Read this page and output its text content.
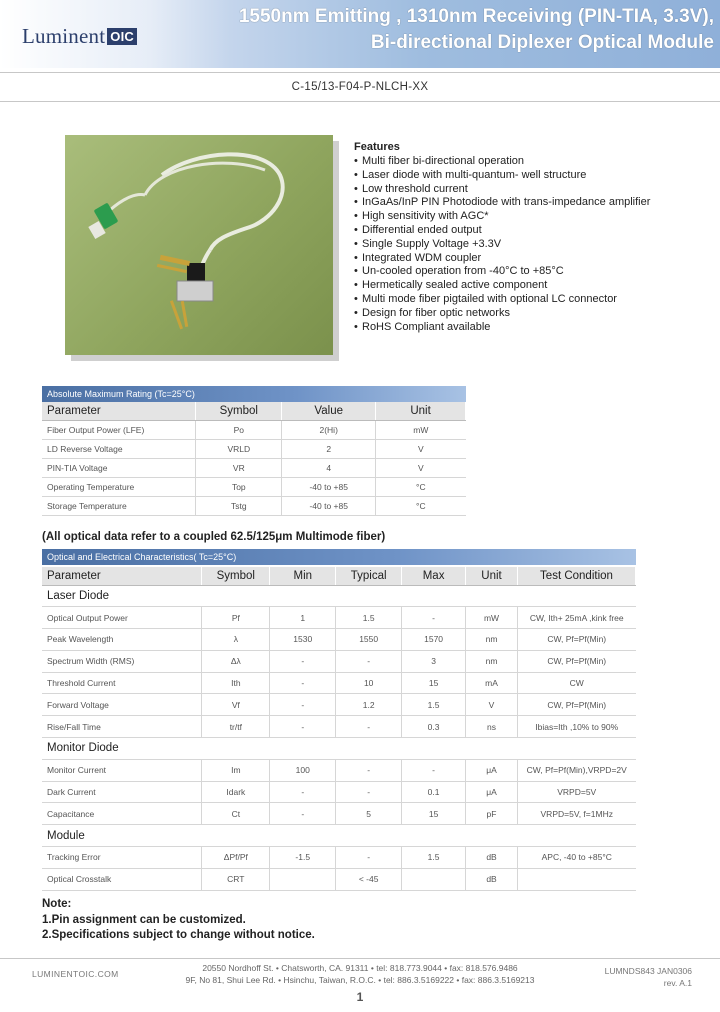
Luminent OIC
1550nm Emitting , 1310nm Receiving (PIN-TIA, 3.3V),
Bi-directional Diplexer Optical Module
C-15/13-F04-P-NLCH-XX
Features
• Multi fiber bi-directional operation
• Laser diode with multi-quantum- well structure
• Low threshold current
• InGaAs/InP PIN Photodiode with trans-impedance amplifier
• High sensitivity with AGC*
• Differential ended output
• Single Supply Voltage +3.3V
• Integrated WDM coupler
• Un-cooled operation from -40°C to +85°C
• Hermetically sealed active component
• Multi mode fiber pigtailed with optional LC connector
• Design for fiber optic networks
• RoHS Compliant available
Absolute Maximum Rating (Tc=25°C)
Parameter	Symbol	Value	Unit
Fiber Output Power (LFE)	Po	2(Hi)	mW
LD Reverse Voltage	VRLD	2	V
PIN-TIA Voltage	VR	4	V
Operating Temperature	Top	-40 to +85	°C
Storage Temperature	Tstg	-40 to +85	°C
(All optical data refer to a coupled 62.5/125μm Multimode fiber)
Optical and Electrical Characteristics( Tc=25°C)
Parameter	Symbol	Min	Typical	Max	Unit	Test Condition
Laser Diode						
Optical Output Power	Pf	1	1.5	-	mW	CW, Ith+ 25mA ,kink free
Peak Wavelength	λ	1530	1550	1570	nm	CW, Pf=Pf(Min)
Spectrum Width (RMS)	Δλ	-	-	3	nm	CW, Pf=Pf(Min)
Threshold Current	Ith	-	10	15	mA	CW
Forward Voltage	Vf	-	1.2	1.5	V	CW, Pf=Pf(Min)
Rise/Fall Time	tr/tf	-	-	0.3	ns	Ibias=Ith ,10% to 90%
Monitor Diode						
Monitor Current	Im	100	-	-	μA	CW, Pf=Pf(Min),VRPD=2V
Dark Current	Idark	-	-	0.1	μA	VRPD=5V
Capacitance	Ct	-	5	15	pF	VRPD=5V, f=1MHz
Module						
Tracking Error	ΔPf/Pf	-1.5	-	1.5	dB	APC, -40 to +85°C
Optical Crosstalk	CRT		< -45		dB	
Note:
1.Pin assignment can be customized.
2.Specifications subject to change without notice.
LUMINENTOIC.COM
20550 Nordhoff St. • Chatsworth, CA. 91311 • tel: 818.773.9044 • fax: 818.576.9486
9F, No 81, Shui Lee Rd. • Hsinchu, Taiwan, R.O.C. • tel: 886.3.5169222 • fax: 886.3.5169213
LUMNDS843 JAN0306
rev. A.1
1
